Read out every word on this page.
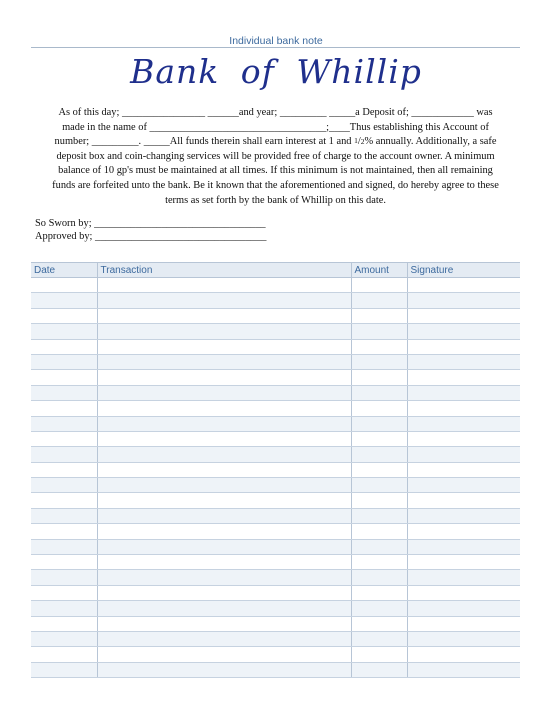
Individual bank note
Bank of Whillip
As of this day; ________________ ______and year; _________ _____a Deposit of; ____________ was
made in the name of __________________________________;____Thus establishing this Account of
number; _________. _____All funds therein shall earn interest at 1 and $^1$/2% annually. Additionally, a safe
deposit box and coin-changing services will be provided free of charge to the account owner. A minimum
balance of 10 gp's must be maintained at all times. If this minimum is not maintained, then all remaining
funds are forfeited unto the bank. Be it known that the aforementioned and signed, do hereby agree to these
terms as set forth by the bank of Whillip on this date.
So Sworn by; _________________________________
Approved by; _________________________________
Date	Transaction	Amount	Signature
